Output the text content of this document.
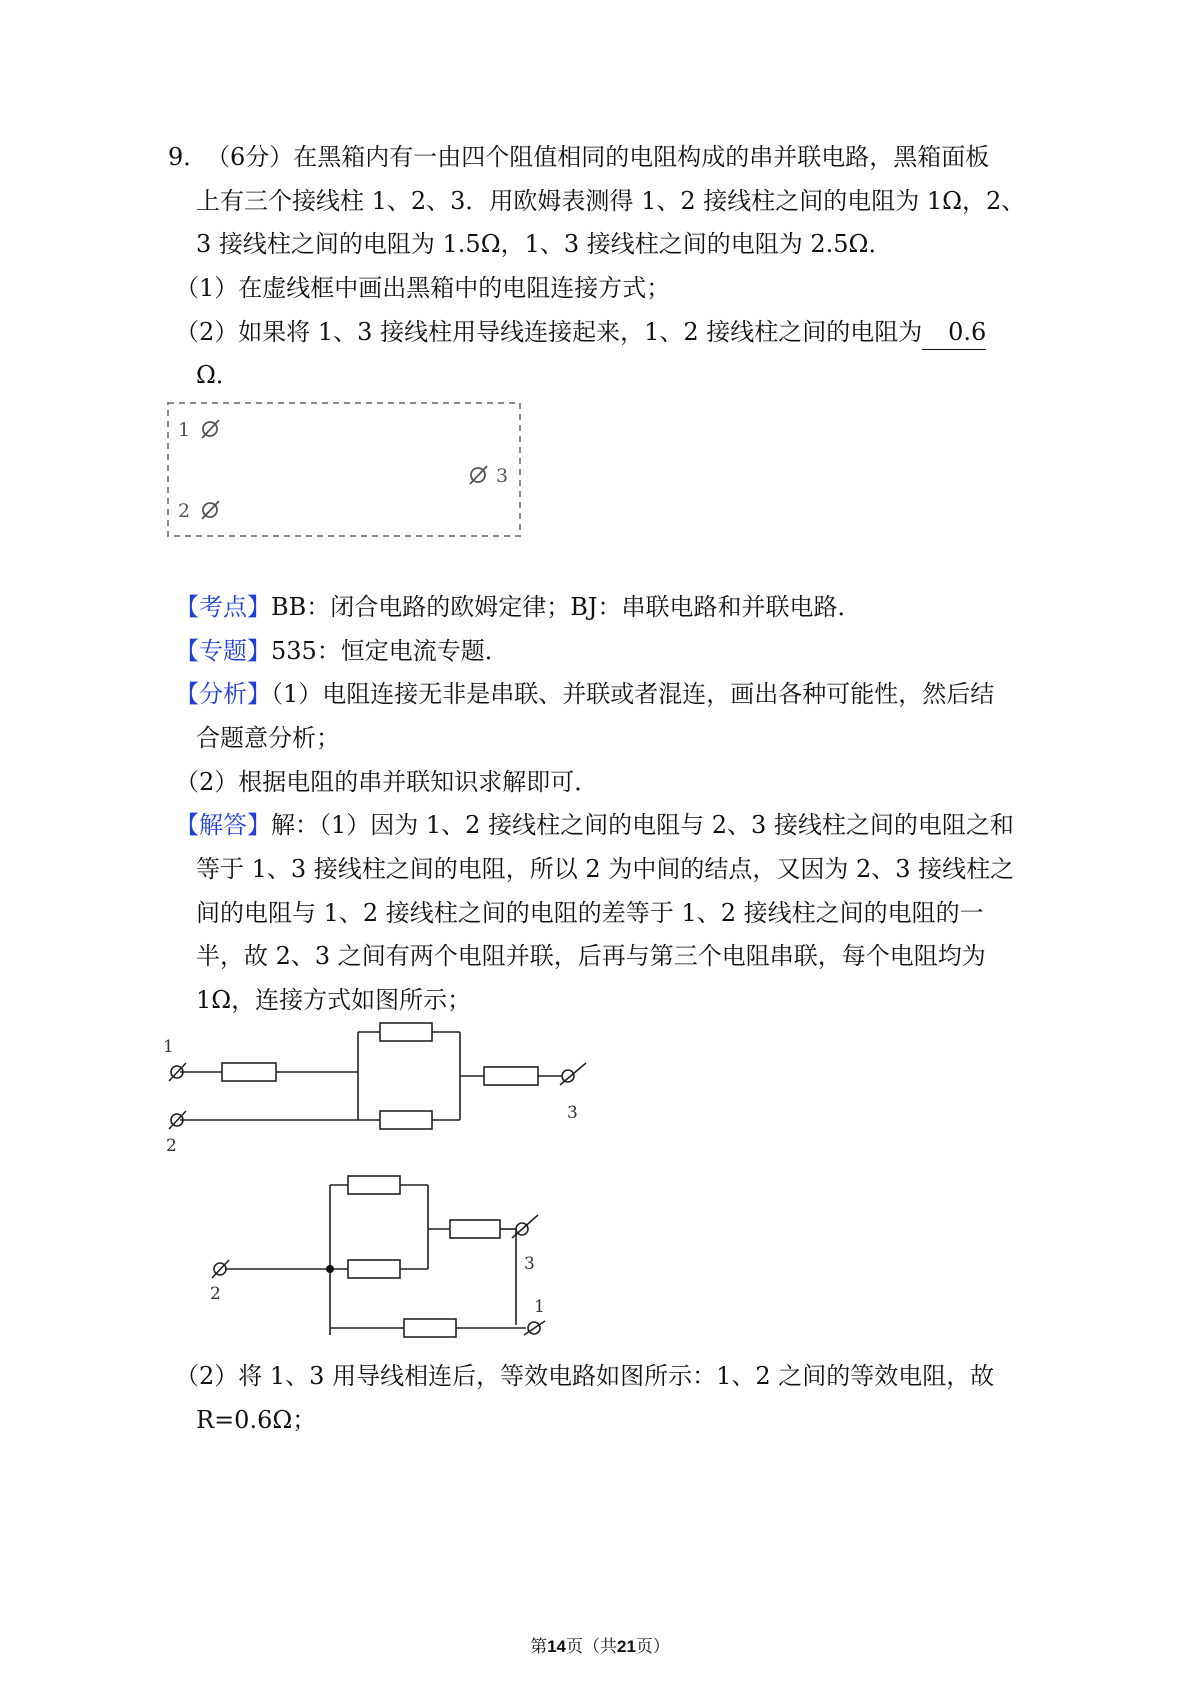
9．
（6分）在黑箱内有一由四个阻值相同的电阻构成的串并联电路，黑箱面板
上有三个接线柱 1、2、3．用欧姆表测得 1、2 接线柱之间的电阻为 1Ω，2、
3 接线柱之间的电阻为 1.5Ω，1、3 接线柱之间的电阻为 2.5Ω．
（1）在虚线框中画出黑箱中的电阻连接方式；
（2）如果将 1、3 接线柱用导线连接起来，1、2 接线柱之间的电阻为 0.6
Ω．
1
2
3
【考点】BB：闭合电路的欧姆定律；BJ：串联电路和并联电路．
【专题】535：恒定电流专题．
【分析】（1）电阻连接无非是串联、并联或者混连，画出各种可能性，然后结
合题意分析；
（2）根据电阻的串并联知识求解即可．
【解答】解：（1）因为 1、2 接线柱之间的电阻与 2、3 接线柱之间的电阻之和
等于 1、3 接线柱之间的电阻，所以 2 为中间的结点，又因为 2、3 接线柱之
间的电阻与 1、2 接线柱之间的电阻的差等于 1、2 接线柱之间的电阻的一
半，故 2、3 之间有两个电阻并联，后再与第三个电阻串联，每个电阻均为
1Ω，连接方式如图所示；
1
2
3
2
3
1
（2）将 1、3 用导线相连后，等效电路如图所示：1、2 之间的等效电阻，故
R=0.6Ω；
第14页（共21页）
